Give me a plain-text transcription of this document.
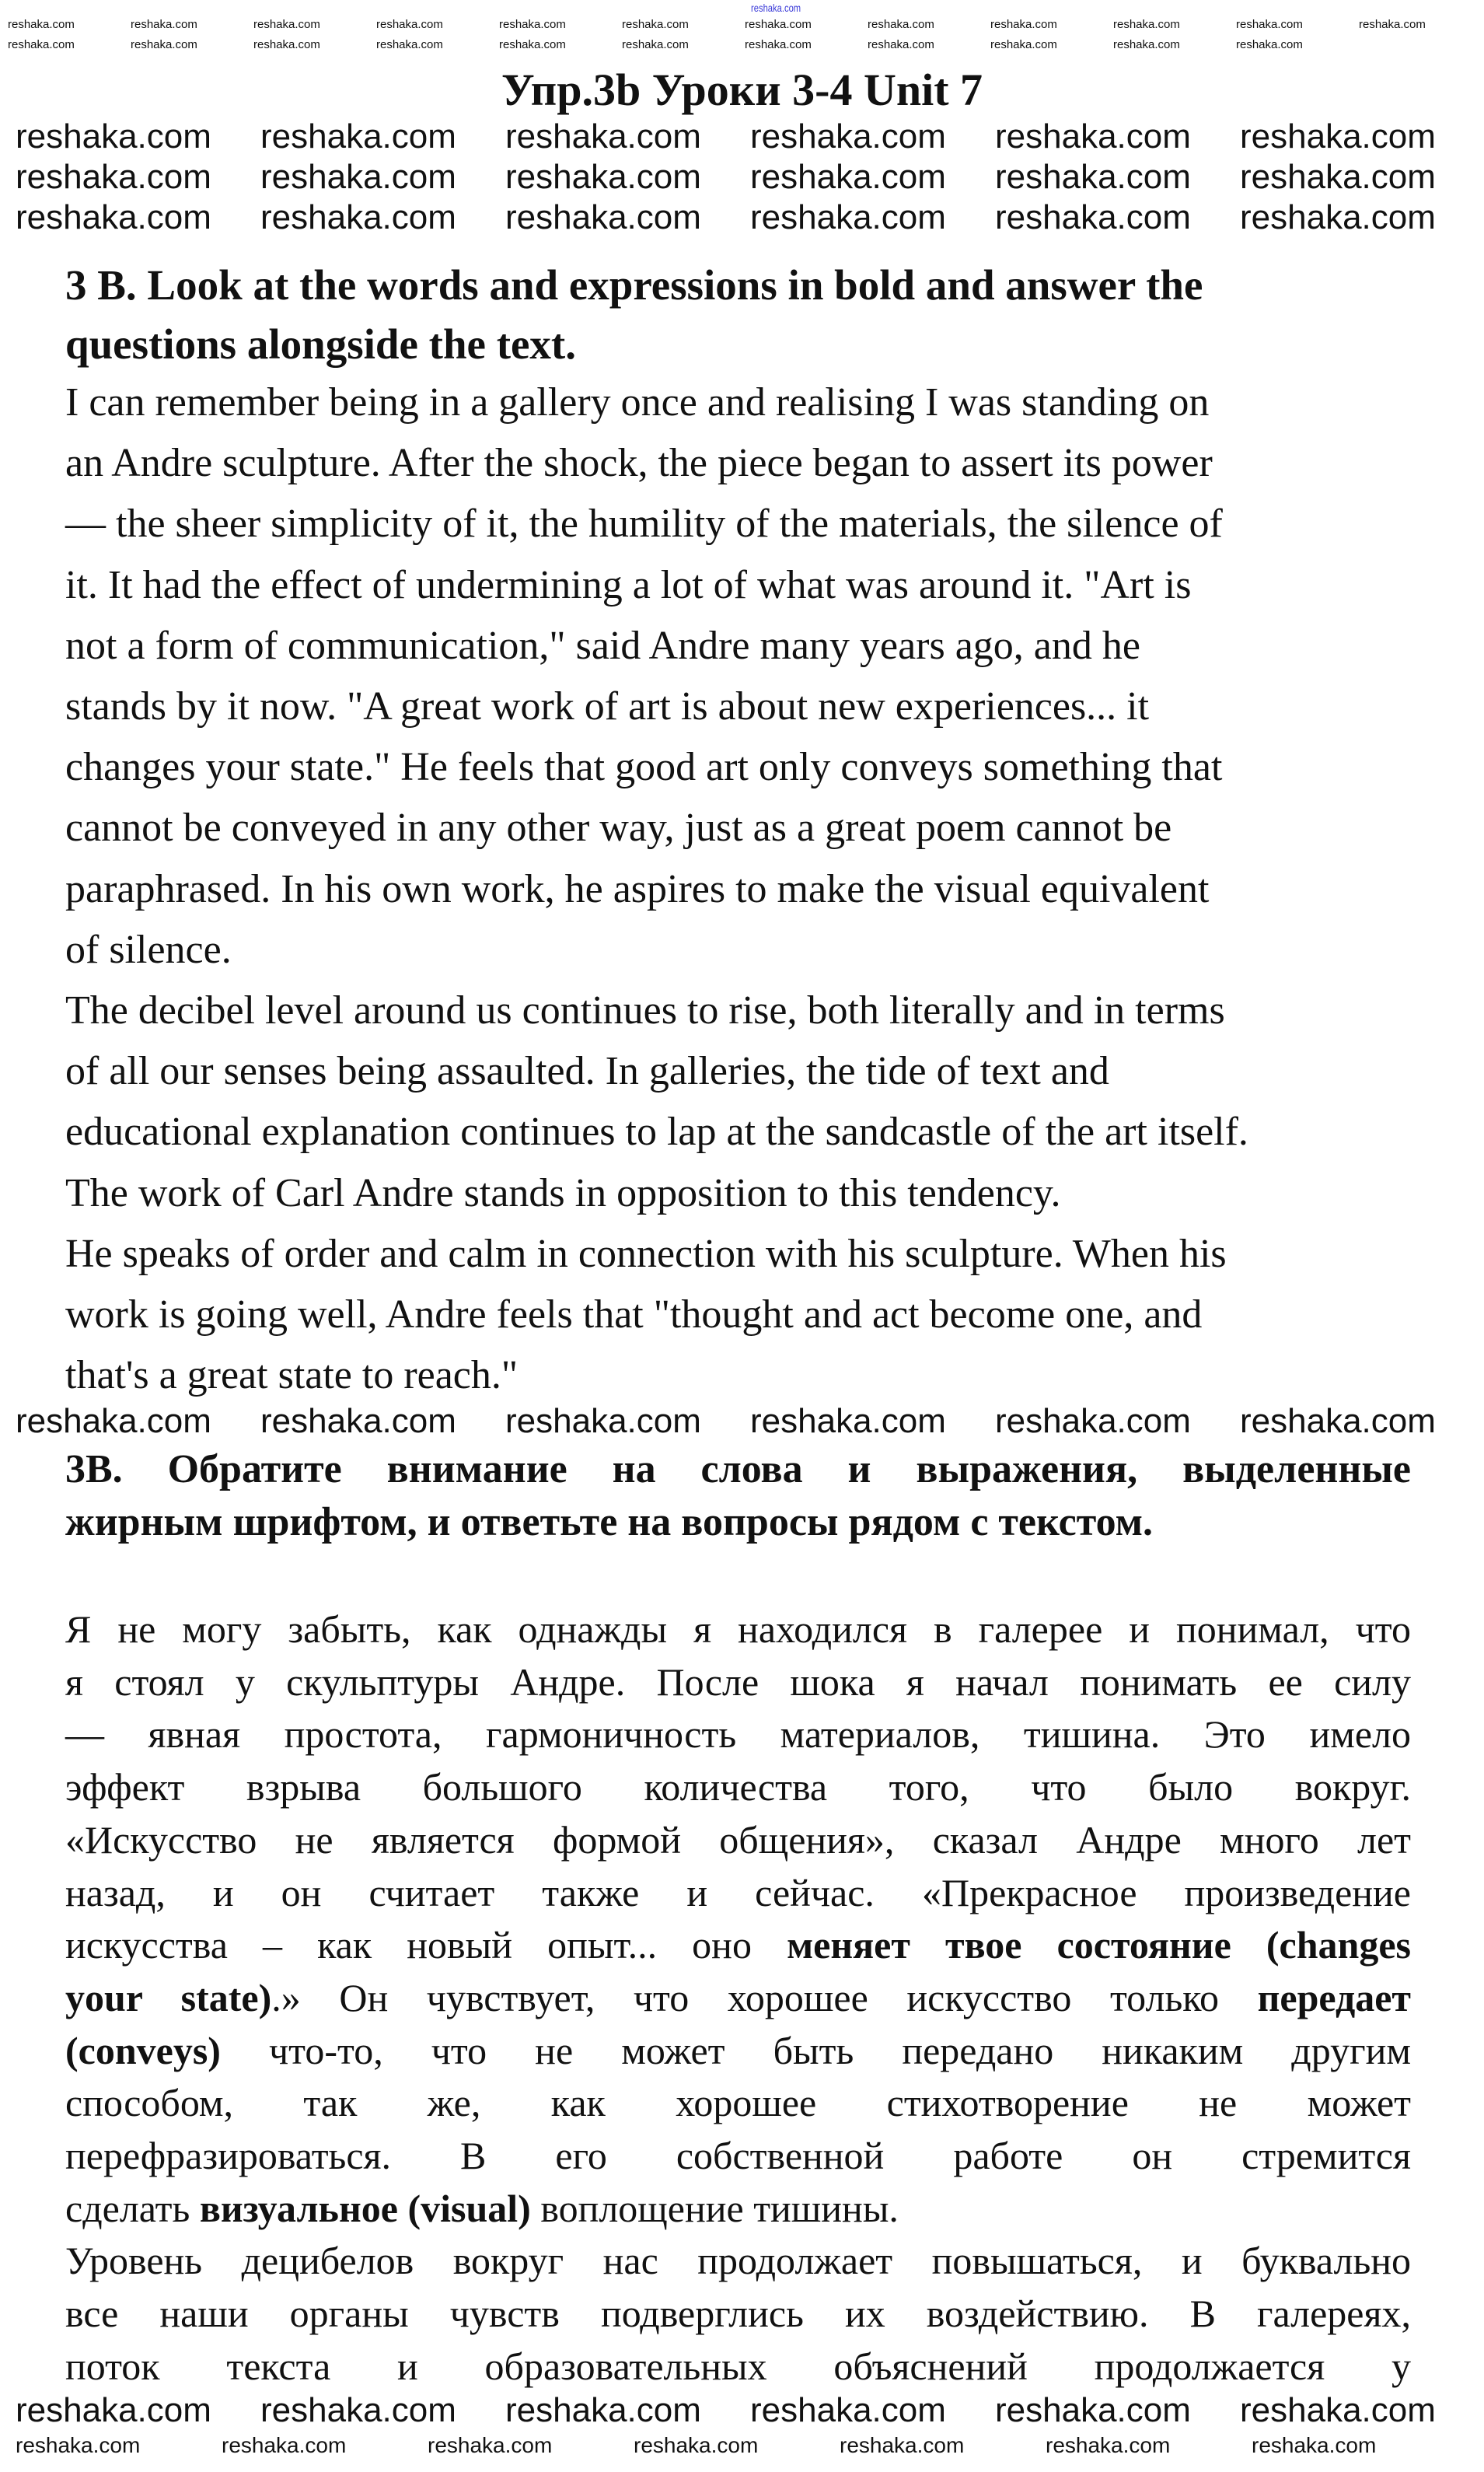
reshaka.com
Упр.3b Уроки 3-4 Unit 7
3 B. Look at the words and expressions in bold and answer the
questions alongside the text.
I can remember being in a gallery once and realising I was standing on
an Andre sculpture. After the shock, the piece began to assert its power
— the sheer simplicity of it, the humility of the materials, the silence of
it. It had the effect of undermining a lot of what was around it. "Art is
not a form of communication," said Andre many years ago, and he
stands by it now. "A great work of art is about new experiences... it
changes your state." He feels that good art only conveys something that
cannot be conveyed in any other way, just as a great poem cannot be
paraphrased. In his own work, he aspires to make the visual equivalent
of silence.
The decibel level around us continues to rise, both literally and in terms
of all our senses being assaulted. In galleries, the tide of text and
educational explanation continues to lap at the sandcastle of the art itself.
The work of Carl Andre stands in opposition to this tendency.
He speaks of order and calm in connection with his sculpture. When his
work is going well, Andre feels that "thought and act become one, and
that's a great state to reach."
3В. Обратите внимание на слова и выражения, выделенные
жирным шрифтом, и ответьте на вопросы рядом с текстом.
Я не могу забыть, как однажды я находился в галерее и понимал, что
я стоял у скульптуры Андре. После шока я начал понимать ее силу
— явная простота, гармоничность материалов, тишина. Это имело
эффект взрыва большого количества того, что было вокруг.
«Искусство не является формой общения», сказал Андре много лет
назад, и он считает также и сейчас. «Прекрасное произведение
искусства – как новый опыт... оно меняет твое состояние (changes
your state).» Он чувствует, что хорошее искусство только передает
(conveys) что-то, что не может быть передано никаким другим
способом, так же, как хорошее стихотворение не может
перефразироваться. В его собственной работе он стремится
сделать визуальное (visual) воплощение тишины.
Уровень децибелов вокруг нас продолжает повышаться, и буквально
все наши органы чувств подверглись их воздействию. В галереях,
поток текста и образовательных объяснений продолжается у
reshaka.com reshaka.com reshaka.com reshaka.com reshaka.com reshaka.com
reshaka.com reshaka.com reshaka.com reshaka.com reshaka.com reshaka.com
reshaka.com reshaka.com reshaka.com reshaka.com reshaka.com reshaka.com
reshaka.com reshaka.com reshaka.com reshaka.com reshaka.com reshaka.com
reshaka.com reshaka.com reshaka.com reshaka.com reshaka.com reshaka.com
reshaka.com	reshaka.com	reshaka.com	reshaka.com	reshaka.com	reshaka.com	reshaka.com
reshaka.com	reshaka.com	reshaka.com	reshaka.com	reshaka.com	reshaka.com	reshaka.com	reshaka.com	reshaka.com	reshaka.com	reshaka.com	reshaka.com
reshaka.com	reshaka.com	reshaka.com	reshaka.com	reshaka.com	reshaka.com	reshaka.com	reshaka.com	reshaka.com	reshaka.com	reshaka.com
